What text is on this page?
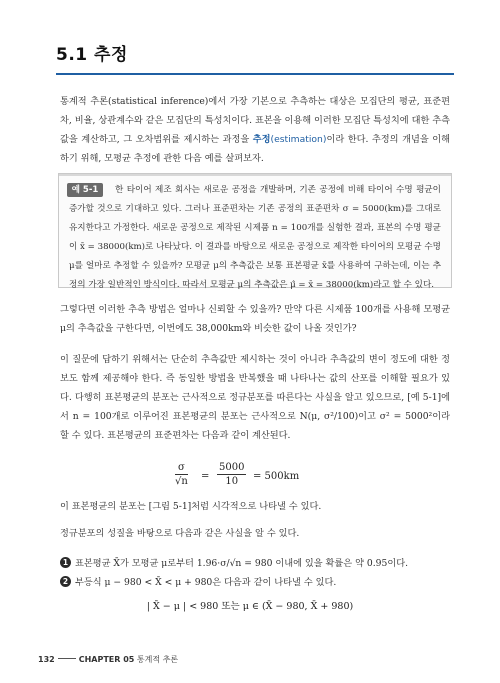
5.1 추정

통계적 추론(statistical inference)에서 가장 기본으로 추측하는 대상은 모집단의 평균, 표준편차, 비율, 상관계수와 같은 모집단의 특성치이다. 표본을 이용해 이러한 모집단 특성치에 대한 추측값을 계산하고, 그 오차범위를 제시하는 과정을 추정(estimation)이라 한다. 추정의 개념을 이해하기 위해, 모평균 추정에 관한 다음 예를 살펴보자.

예 5-1	한 타이어 제조 회사는 새로운 공정을 개발하며, 기존 공정에 비해 타이어 수명 평균이 증가할 것으로 기대하고 있다. 그러나 표준편차는 기존 공정의 표준편차 σ = 5000(km)를 그대로 유지한다고 가정한다. 새로운 공정으로 제작된 시제품 n = 100개를 실험한 결과, 표본의 수명 평균이 x̄ = 38000(km)로 나타났다. 이 결과를 바탕으로 새로운 공정으로 제작한 타이어의 모평균 수명 μ를 얼마로 추정할 수 있을까? 모평균 μ의 추측값은 보통 표본평균 x̄를 사용하여 구하는데, 이는 추정의 가장 일반적인 방식이다. 따라서 모평균 μ의 추측값은 μ̂ = x̄ = 38000(km)라고 할 수 있다.

그렇다면 이러한 추측 방법은 얼마나 신뢰할 수 있을까? 만약 다른 시제품 100개를 사용해 모평균 μ의 추측값을 구한다면, 이번에도 38,000km와 비슷한 값이 나올 것인가?

이 질문에 답하기 위해서는 단순히 추측값만 제시하는 것이 아니라 추측값의 변이 정도에 대한 정보도 함께 제공해야 한다. 즉 동일한 방법을 반복했을 때 나타나는 값의 산포를 이해할 필요가 있다. 다행히 표본평균의 분포는 근사적으로 정규분포를 따른다는 사실을 알고 있으므로, [예 5-1]에서 n = 100개로 이루어진 표본평균의 분포는 근사적으로 N(μ, σ²/100)이고 σ² = 5000²이라 할 수 있다. 표본평균의 표준편차는 다음과 같이 계산된다.

$\frac{\sigma}{√n} = \frac{5000}{10} = 500km$

이 표본평균의 분포는 [그림 5-1]처럼 시각적으로 나타낼 수 있다.

정규분포의 성질을 바탕으로 다음과 같은 사실을 알 수 있다.

1 표본평균 X̄가 모평균 μ로부터 1.96·σ/√n = 980 이내에 있을 확률은 약 0.95이다.
2 부등식 μ − 980 < X̄ < μ + 980은 다음과 같이 나타낼 수 있다.
| X̄ − μ | < 980 또는 μ ∈ (X̄ − 980, X̄ + 980)
132	CHAPTER 05 통계적 추론
